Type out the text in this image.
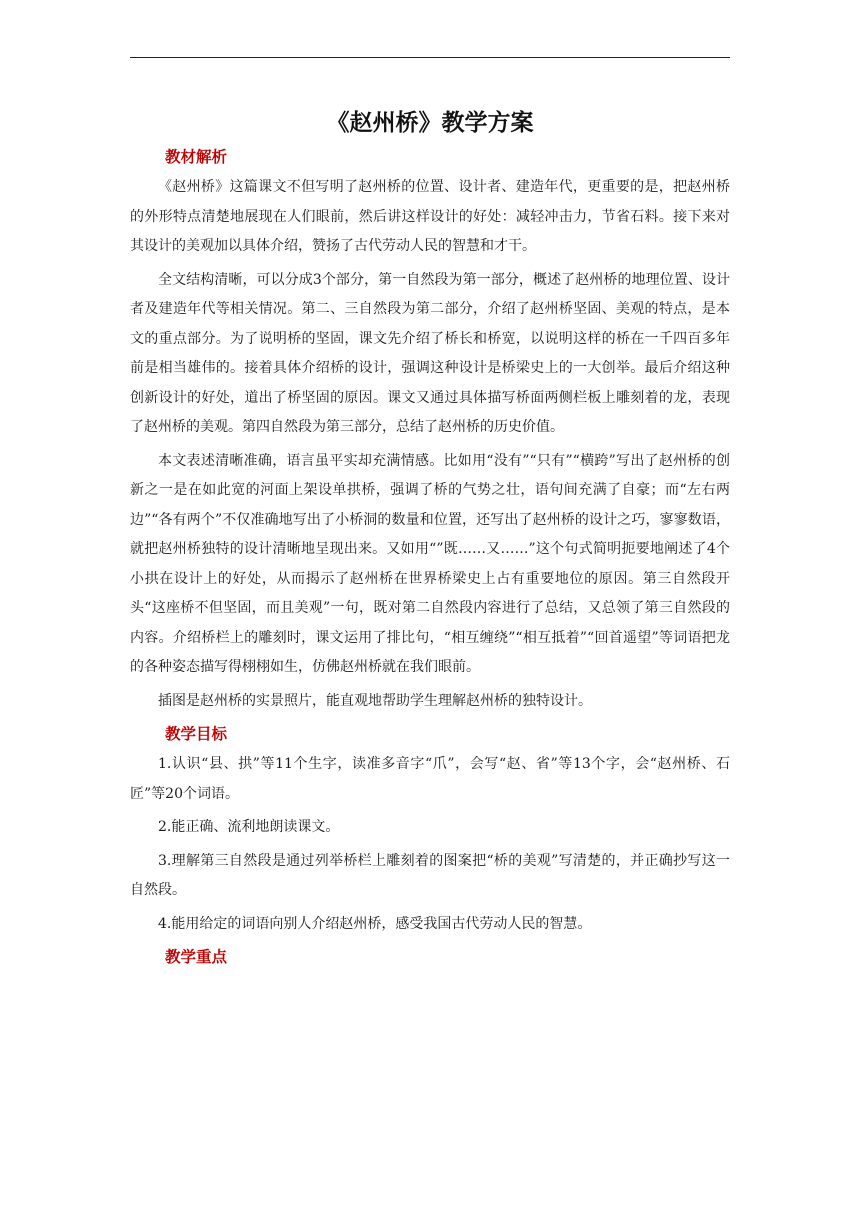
《赵州桥》教学方案
教材解析

《赵州桥》这篇课文不但写明了赵州桥的位置、设计者、建造年代，更重要的是，把赵州桥的外形特点清楚地展现在人们眼前，然后讲这样设计的好处：减轻冲击力，节省石料。接下来对其设计的美观加以具体介绍，赞扬了古代劳动人民的智慧和才干。

全文结构清晰，可以分成3个部分，第一自然段为第一部分，概述了赵州桥的地理位置、设计者及建造年代等相关情况。第二、三自然段为第二部分，介绍了赵州桥坚固、美观的特点，是本文的重点部分。为了说明桥的坚固，课文先介绍了桥长和桥宽，以说明这样的桥在一千四百多年前是相当雄伟的。接着具体介绍桥的设计，强调这种设计是桥梁史上的一大创举。最后介绍这种创新设计的好处，道出了桥坚固的原因。课文又通过具体描写桥面两侧栏板上雕刻着的龙，表现了赵州桥的美观。第四自然段为第三部分，总结了赵州桥的历史价值。

本文表述清晰准确，语言虽平实却充满情感。比如用“没有”“只有”“横跨”写出了赵州桥的创新之一是在如此宽的河面上架设单拱桥，强调了桥的气势之壮，语句间充满了自豪；而“左右两边”“各有两个”不仅准确地写出了小桥洞的数量和位置，还写出了赵州桥的设计之巧，寥寥数语，就把赵州桥独特的设计清晰地呈现出来。又如用“”既……又……”这个句式简明扼要地阐述了4个小拱在设计上的好处，从而揭示了赵州桥在世界桥梁史上占有重要地位的原因。第三自然段开头“这座桥不但坚固，而且美观”一句，既对第二自然段内容进行了总结，又总领了第三自然段的内容。介绍桥栏上的雕刻时，课文运用了排比句，“相互缠绕”“相互抵着”“回首遥望”等词语把龙的各种姿态描写得栩栩如生，仿佛赵州桥就在我们眼前。

插图是赵州桥的实景照片，能直观地帮助学生理解赵州桥的独特设计。

教学目标

1.认识“县、拱”等11个生字，读准多音字“爪”，会写“赵、省”等13个字，会“赵州桥、石匠”等20个词语。

2.能正确、流利地朗读课文。

3.理解第三自然段是通过列举桥栏上雕刻着的图案把“桥的美观”写清楚的，并正确抄写这一自然段。

4.能用给定的词语向别人介绍赵州桥，感受我国古代劳动人民的智慧。

教学重点
